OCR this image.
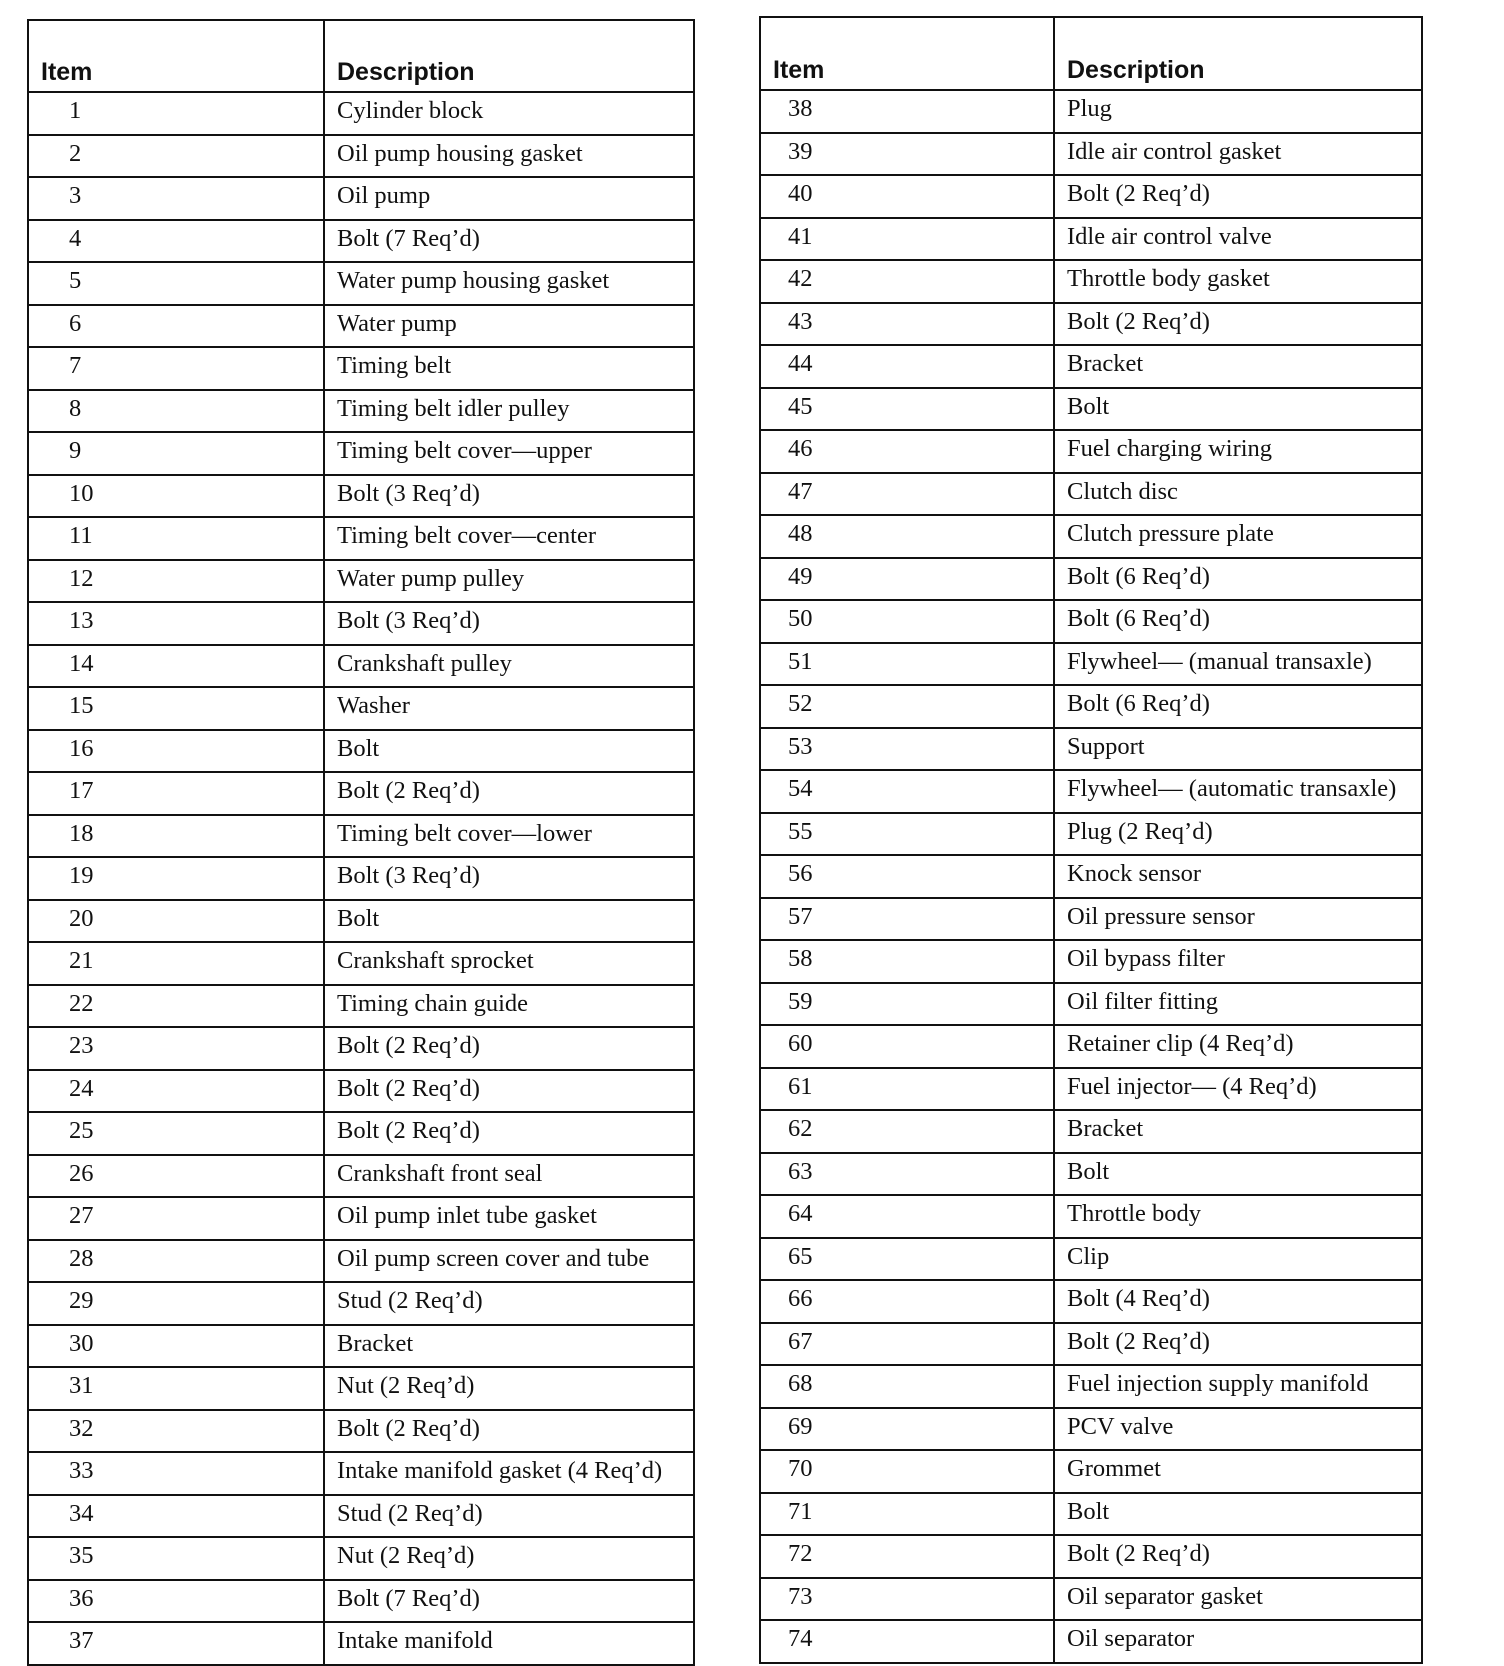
Item	Description
1	Cylinder block
2	Oil pump housing gasket
3	Oil pump
4	Bolt (7 Req’d)
5	Water pump housing gasket
6	Water pump
7	Timing belt
8	Timing belt idler pulley
9	Timing belt cover—upper
10	Bolt (3 Req’d)
11	Timing belt cover—center
12	Water pump pulley
13	Bolt (3 Req’d)
14	Crankshaft pulley
15	Washer
16	Bolt
17	Bolt (2 Req’d)
18	Timing belt cover—lower
19	Bolt (3 Req’d)
20	Bolt
21	Crankshaft sprocket
22	Timing chain guide
23	Bolt (2 Req’d)
24	Bolt (2 Req’d)
25	Bolt (2 Req’d)
26	Crankshaft front seal
27	Oil pump inlet tube gasket
28	Oil pump screen cover and tube
29	Stud (2 Req’d)
30	Bracket
31	Nut (2 Req’d)
32	Bolt (2 Req’d)
33	Intake manifold gasket (4 Req’d)
34	Stud (2 Req’d)
35	Nut (2 Req’d)
36	Bolt (7 Req’d)
37	Intake manifold
Item	Description
38	Plug
39	Idle air control gasket
40	Bolt (2 Req’d)
41	Idle air control valve
42	Throttle body gasket
43	Bolt (2 Req’d)
44	Bracket
45	Bolt
46	Fuel charging wiring
47	Clutch disc
48	Clutch pressure plate
49	Bolt (6 Req’d)
50	Bolt (6 Req’d)
51	Flywheel— (manual transaxle)
52	Bolt (6 Req’d)
53	Support
54	Flywheel— (automatic transaxle)
55	Plug (2 Req’d)
56	Knock sensor
57	Oil pressure sensor
58	Oil bypass filter
59	Oil filter fitting
60	Retainer clip (4 Req’d)
61	Fuel injector— (4 Req’d)
62	Bracket
63	Bolt
64	Throttle body
65	Clip
66	Bolt (4 Req’d)
67	Bolt (2 Req’d)
68	Fuel injection supply manifold
69	PCV valve
70	Grommet
71	Bolt
72	Bolt (2 Req’d)
73	Oil separator gasket
74	Oil separator
